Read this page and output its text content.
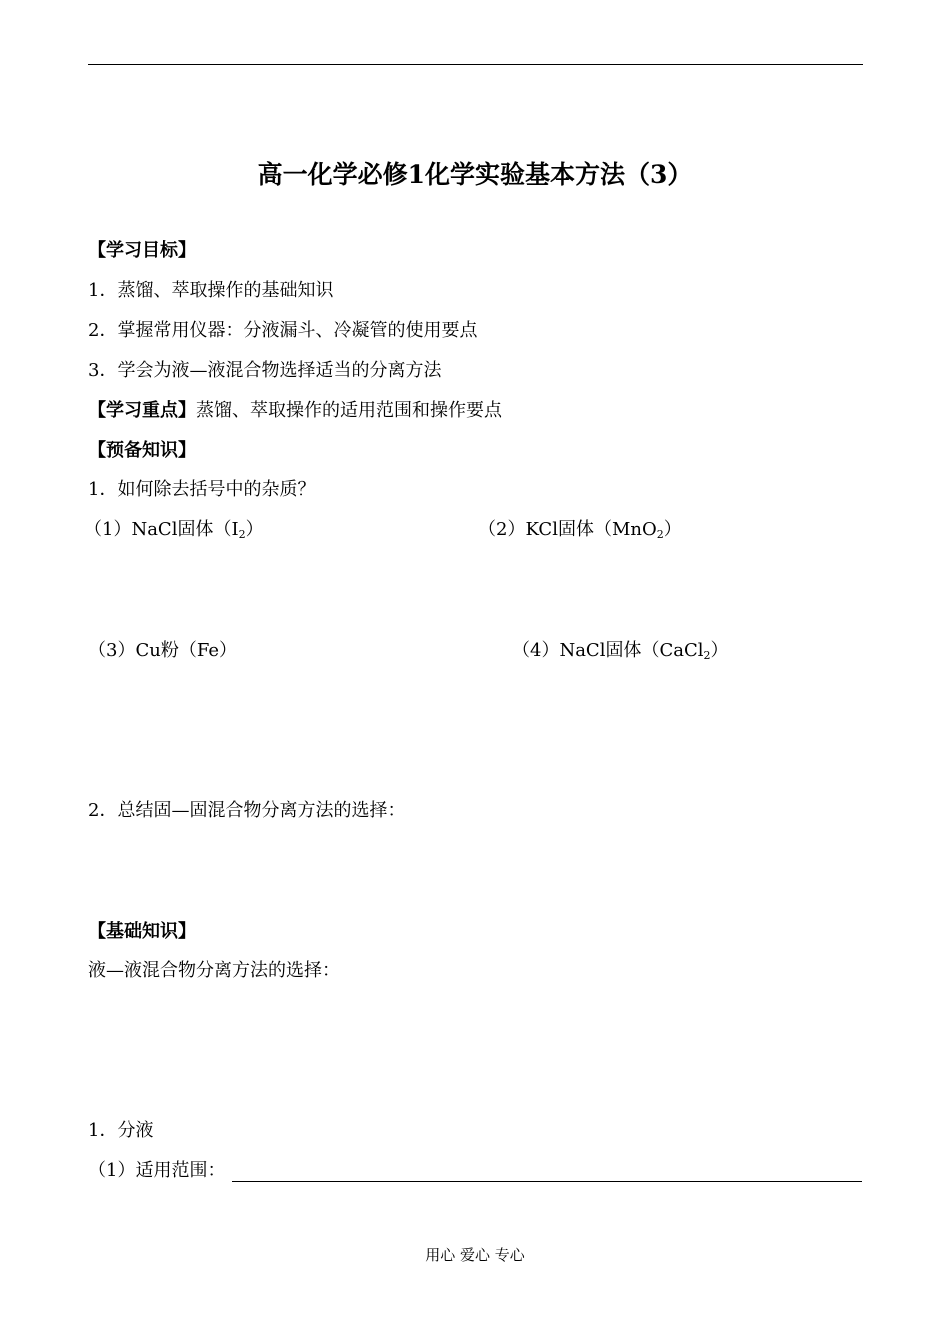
高一化学必修1化学实验基本方法（3）
【学习目标】
1．蒸馏、萃取操作的基础知识
2．掌握常用仪器：分液漏斗、冷凝管的使用要点
3．学会为液—液混合物选择适当的分离方法
【学习重点】蒸馏、萃取操作的适用范围和操作要点
【预备知识】
1．如何除去括号中的杂质？
（1）NaCl固体$(I_2)$	（2）KCl固体（MnO$_2$）
（3）Cu粉（Fe）	（4）NaCl固体（CaCl$_2$）
2．总结固—固混合物分离方法的选择：
【基础知识】
液—液混合物分离方法的选择：
1．分液
（1）适用范围：
用心 爱心 专心
